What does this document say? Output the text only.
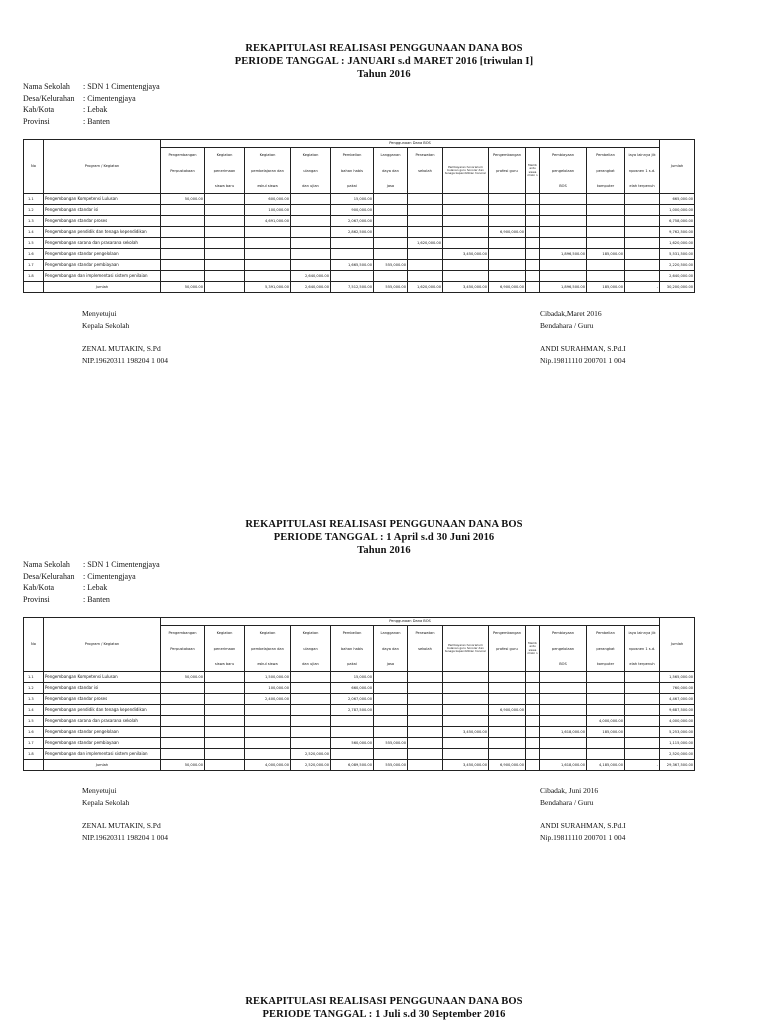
REKAPITULASI REALISASI PENGGUNAAN DANA BOS
PERIODE TANGGAL : JANUARI s.d MARET 2016 [triwulan I]
Tahun 2016
Nama Sekolah : SDN 1 Cimentengjaya
Desa/Kelurahan : Cimentengjaya
Kab/Kota	: Lebak
Provinsi	: Banten
No	Program / Kegiatan	Penggunaan Dana BOS													Jumlah
		Pengembangan	Kegiatan	Kegiatan	Kegiatan	Pembelian	Langganan	Perawatan	Pembayaran honorarium bulanan guru honorer dan tenaga kependidikan honorer	Pengembangan	Memb antu siswa miski n	Pembiayaan	Pembelian	iaya lainnya jik	
		Perpustakaan	penerimaan	pembelajaran dan	ulangan	bahan habis	daya dan	sekolah		profesi guru		pengelolaan	perangkat	nposnen 1 s.d.	
			siswa baru	eskul siswa	dan ujian	pakai	jasa					BOS	komputer	elah terpenuh	
1.1	Pengembangan Kompetensi Lulusan	50,000.00		600,000.00		15,000.00									665,000.00
1.2	Pengembangan standar isi			100,000.00		900,000.00									1,000,000.00
1.3	Pengembangan standar proses			4,691,000.00		2,067,000.00									6,758,000.00
1.4	Pengembangan pendidik dan tenaga kependidikan					2,862,500.00				6,900,000.00					9,762,500.00
1.5	Pengembangan sarana dan prasarana sekolah							1,620,000.00							1,620,000.00
1.6	Pengembangan standar pengelolaan								3,450,000.00			1,896,500.00	185,000.00		5,531,500.00
1.7	Pengembangan standar pembiayaan					1,665,500.00	555,000.00								2,220,500.00
1.8	Pengembangan dan implementasi sistem penilaian				2,640,000.00										2,640,000.00
	Jumlah	50,000.00		5,391,000.00	2,640,000.00	7,512,500.00	555,000.00	1,620,000.00	3,450,000.00	6,900,000.00		1,896,500.00	185,000.00	-	30,200,000.00
Menyetujui
Kepala Sekolah
ZENAL MUTAKIN, S.Pd
NIP.19620311 198204 1 004
Cibadak,Maret 2016
Bendahara / Guru
ANDI SURAHMAN, S.Pd.I
Nip.19811110 200701 1 004
REKAPITULASI REALISASI PENGGUNAAN DANA BOS
PERIODE TANGGAL : 1 April s.d 30 Juni 2016
Tahun 2016
Nama Sekolah : SDN 1 Cimentengjaya
Desa/Kelurahan : Cimentengjaya
Kab/Kota	: Lebak
Provinsi	: Banten
No	Program / Kegiatan	Penggunaan Dana BOS													Jumlah
		Pengembangan	Kegiatan	Kegiatan	Kegiatan	Pembelian	Langganan	Perawatan	Pembayaran honorarium bulanan guru honorer dan tenaga kependidikan honorer	Pengembangan	Memb antu siswa miski n	Pembiayaan	Pembelian	iaya lainnya jik	
		Perpustakaan	penerimaan	pembelajaran dan	ulangan	bahan habis	daya dan	sekolah		profesi guru		pengelolaan	perangkat	nposnen 1 s.d.	
			siswa baru	eskul siswa	dan ujian	pakai	jasa					BOS	komputer	elah terpenuh	
1.1	Pengembangan Kompetensi Lulusan	50,000.00		1,500,000.00		15,000.00									1,565,000.00
1.2	Pengembangan standar isi			100,000.00		660,000.00									760,000.00
1.3	Pengembangan standar proses			2,400,000.00		2,067,000.00									4,467,000.00
1.4	Pengembangan pendidik dan tenaga kependidikan					2,787,500.00				6,900,000.00					9,687,500.00
1.5	Pengembangan sarana dan prasarana sekolah												4,000,000.00		4,000,000.00
1.6	Pengembangan standar pengelolaan								3,450,000.00			1,618,000.00	185,000.00		5,253,000.00
1.7	Pengembangan standar pembiayaan					560,000.00	555,000.00								1,115,000.00
1.8	Pengembangan dan implementasi sistem penilaian				2,520,000.00										2,520,000.00
	Jumlah	50,000.00		4,000,000.00	2,520,000.00	6,089,500.00	555,000.00		3,450,000.00	6,900,000.00		1,618,000.00	4,185,000.00	-	29,367,500.00
Menyetujui
Kepala Sekolah
ZENAL MUTAKIN, S.Pd
NIP.19620311 198204 1 004
Cibadak, Juni 2016
Bendahara / Guru
ANDI SURAHMAN, S.Pd.I
Nip.19811110 200701 1 004
REKAPITULASI REALISASI PENGGUNAAN DANA BOS
PERIODE TANGGAL : 1 Juli s.d 30 September 2016
